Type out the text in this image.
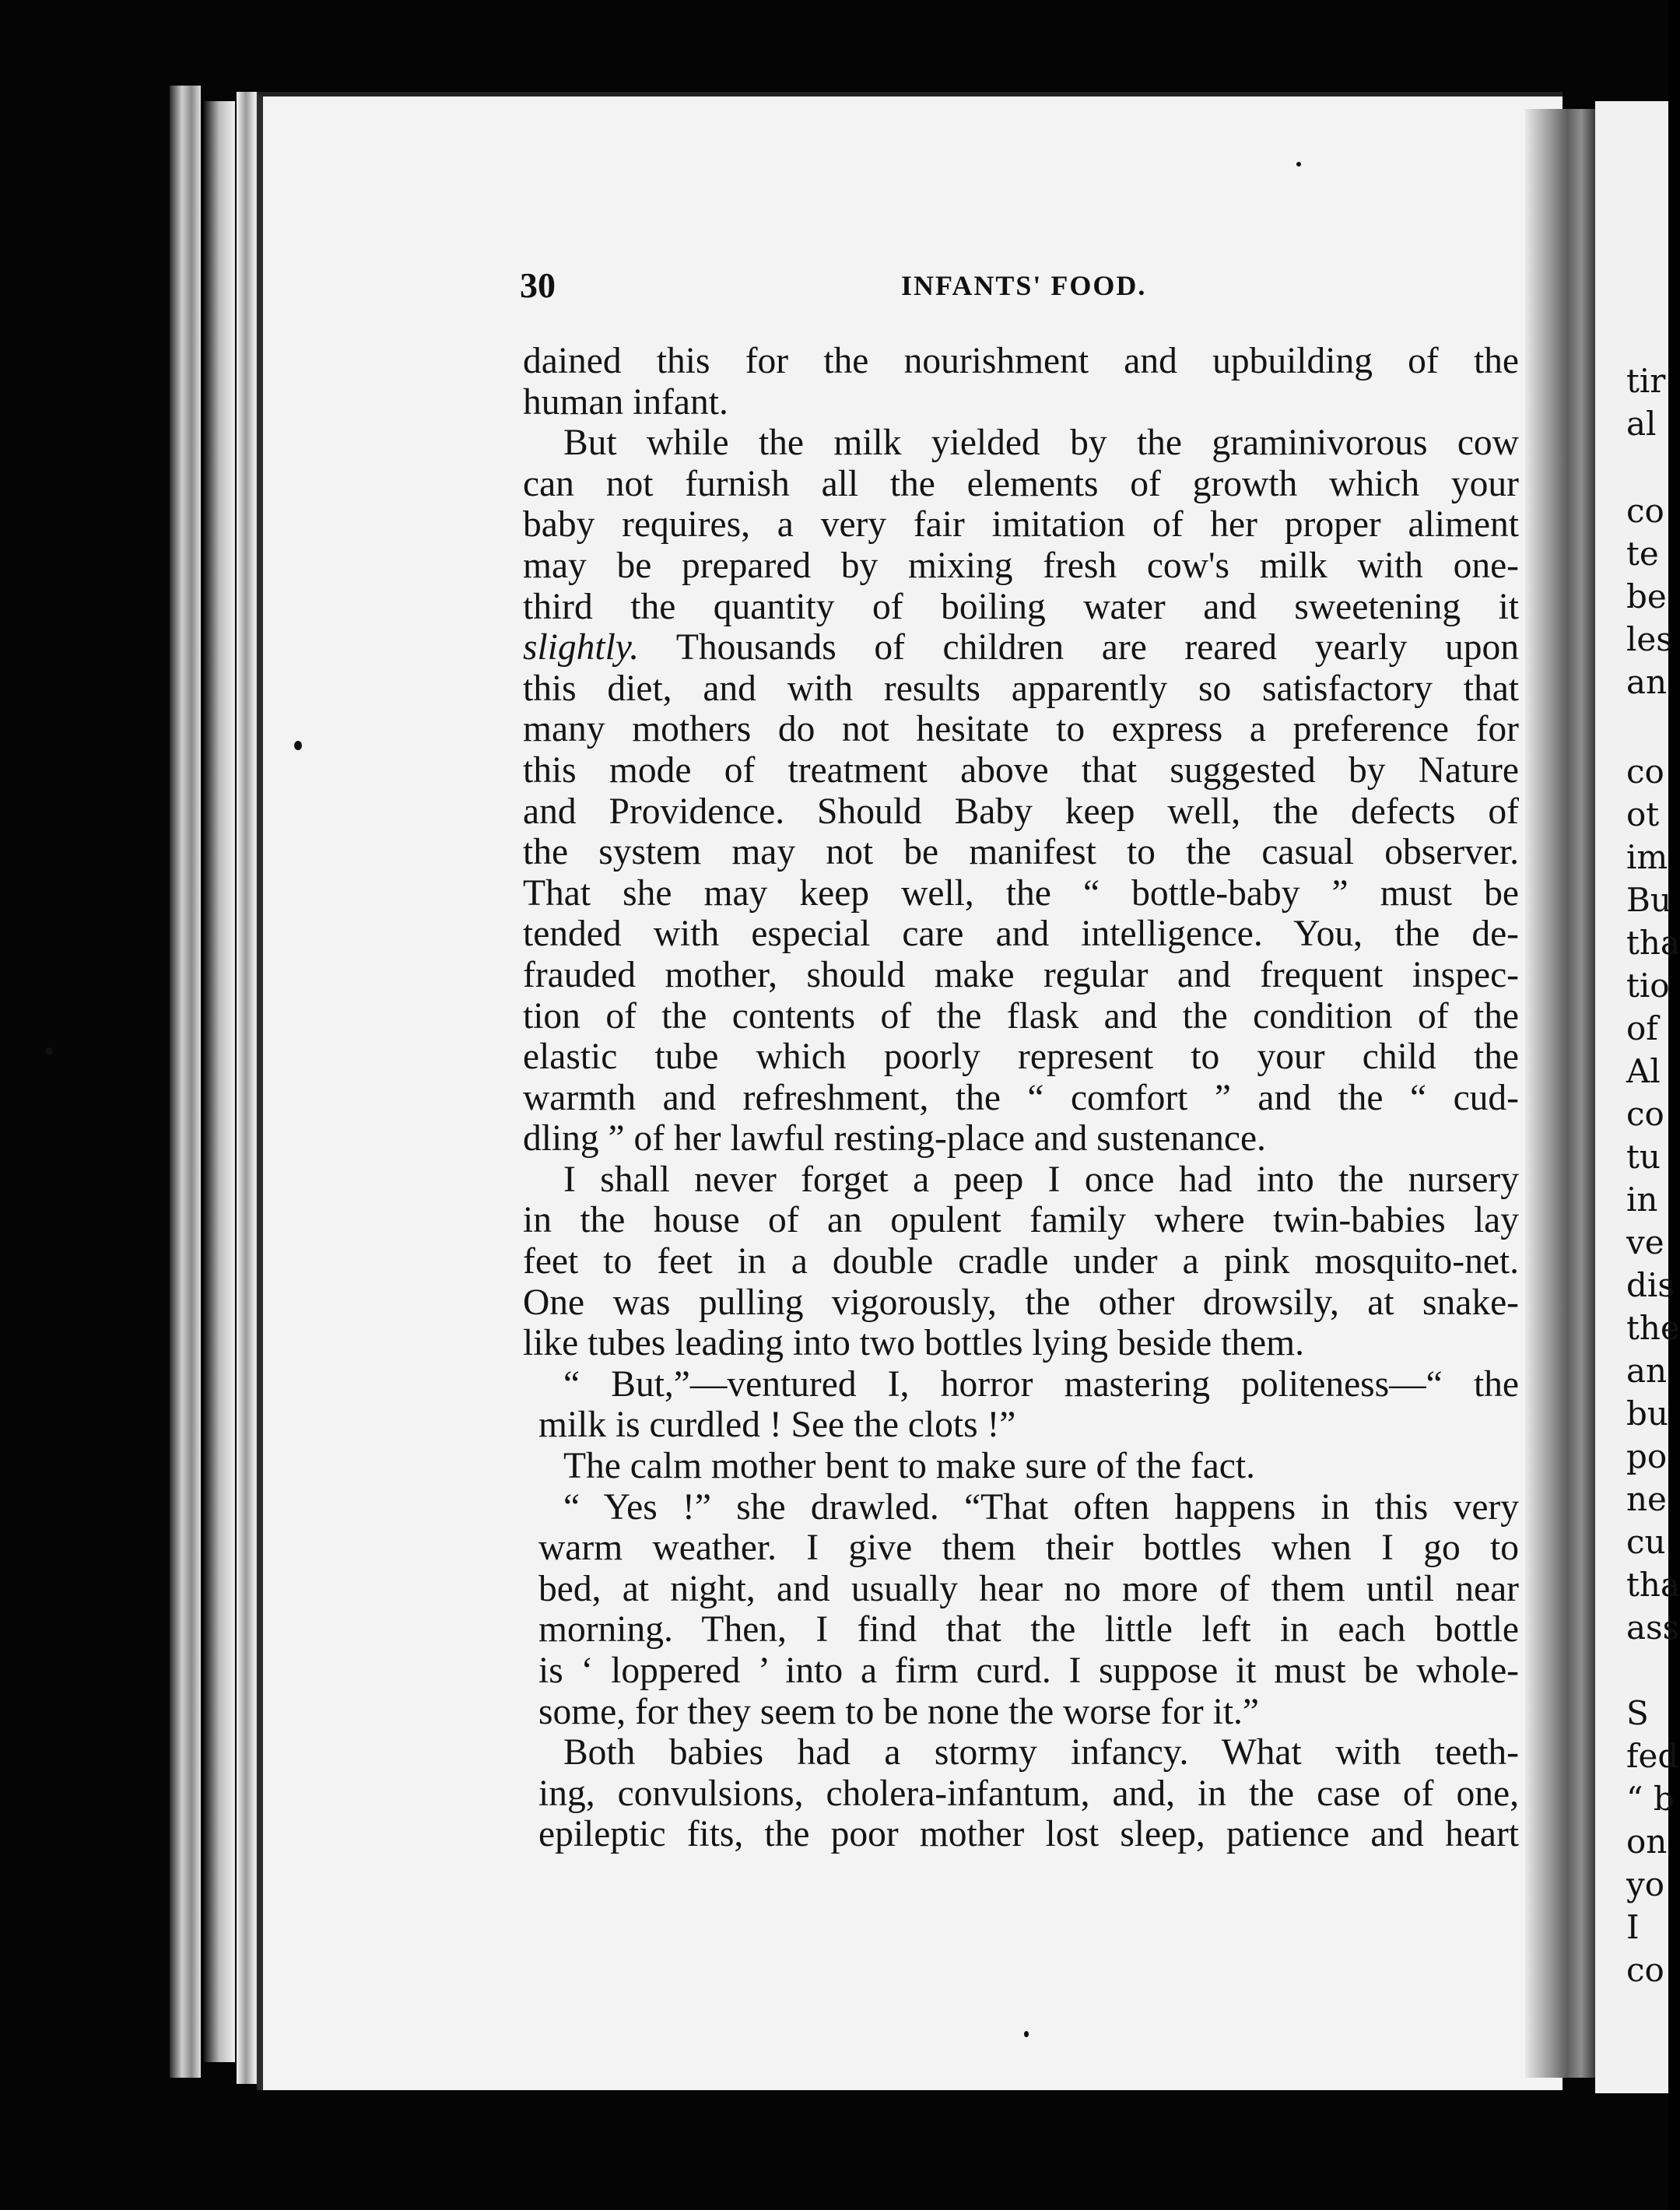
tir
al
co
te
be
les
an
co
ot
im
Bu
tha
tio
of
Al
co
tu
in
ve
dis
the
an
bu
po
ne
cu
tha
ass
S
fed
“ b
on
yo
I
co
30	INFANTS' FOOD.
dained this for the nourishment and upbuilding of the
human infant.
But while the milk yielded by the graminivorous cow
can not furnish all the elements of growth which your
baby requires, a very fair imitation of her proper aliment
may be prepared by mixing fresh cow's milk with one-
third the quantity of boiling water and sweetening it
slightly. Thousands of children are reared yearly upon
this diet, and with results apparently so satisfactory that
many mothers do not hesitate to express a preference for
this mode of treatment above that suggested by Nature
and Providence. Should Baby keep well, the defects of
the system may not be manifest to the casual observer.
That she may keep well, the “ bottle-baby ” must be
tended with especial care and intelligence. You, the de-
frauded mother, should make regular and frequent inspec-
tion of the contents of the flask and the condition of the
elastic tube which poorly represent to your child the
warmth and refreshment, the “ comfort ” and the “ cud-
dling ” of her lawful resting-place and sustenance.
I shall never forget a peep I once had into the nursery
in the house of an opulent family where twin-babies lay
feet to feet in a double cradle under a pink mosquito-net.
One was pulling vigorously, the other drowsily, at snake-
like tubes leading into two bottles lying beside them.
“ But,”—ventured I, horror mastering politeness—“ the
milk is curdled ! See the clots !”
The calm mother bent to make sure of the fact.
“ Yes !” she drawled. “That often happens in this very
warm weather. I give them their bottles when I go to
bed, at night, and usually hear no more of them until near
morning. Then, I find that the little left in each bottle
is ‘ loppered ’ into a firm curd. I suppose it must be whole-
some, for they seem to be none the worse for it.”
Both babies had a stormy infancy. What with teeth-
ing, convulsions, cholera-infantum, and, in the case of one,
epileptic fits, the poor mother lost sleep, patience and heart
